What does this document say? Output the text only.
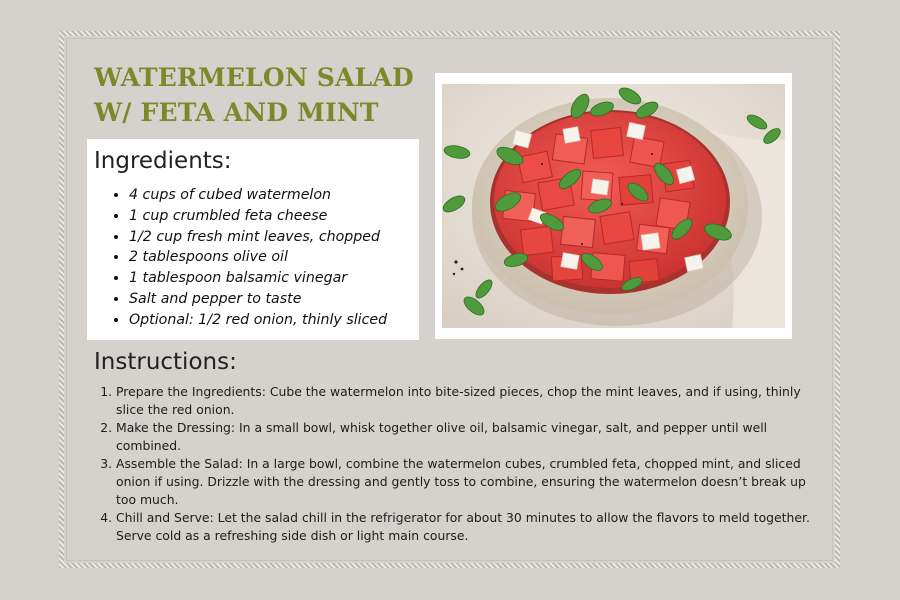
WATERMELON SALAD
W/ FETA AND MINT
Ingredients:
• 4 cups of cubed watermelon
• 1 cup crumbled feta cheese
• 1/2 cup fresh mint leaves, chopped
• 2 tablespoons olive oil
• 1 tablespoon balsamic vinegar
• Salt and pepper to taste
• Optional: 1/2 red onion, thinly sliced
Instructions:
1. Prepare the Ingredients: Cube the watermelon into bite-sized pieces, chop the mint leaves, and if using, thinly slice the red onion.
2. Make the Dressing: In a small bowl, whisk together olive oil, balsamic vinegar, salt, and pepper until well combined.
3. Assemble the Salad: In a large bowl, combine the watermelon cubes, crumbled feta, chopped mint, and sliced onion if using. Drizzle with the dressing and gently toss to combine, ensuring the watermelon doesn’t break up too much.
4. Chill and Serve: Let the salad chill in the refrigerator for about 30 minutes to allow the flavors to meld together. Serve cold as a refreshing side dish or light main course.
